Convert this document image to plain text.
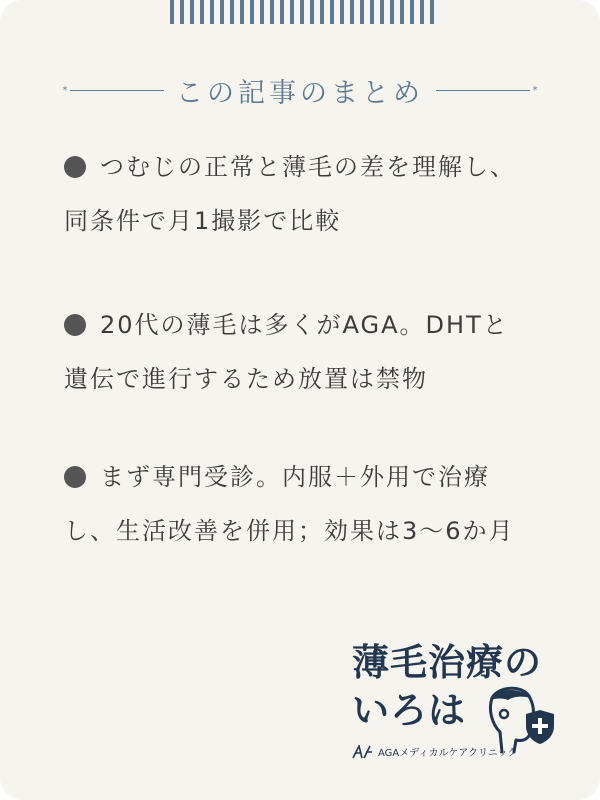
*	この記事のまとめ	*
つむじの正常と薄毛の差を理解し、
同条件で月1撮影で比較
20代の薄毛は多くがAGA。DHTと
遺伝で進行するため放置は禁物
まず専門受診。内服＋外用で治療
し、生活改善を併用；効果は3〜6か月
薄毛治療の
いろは
AGAメディカルケアクリニック
